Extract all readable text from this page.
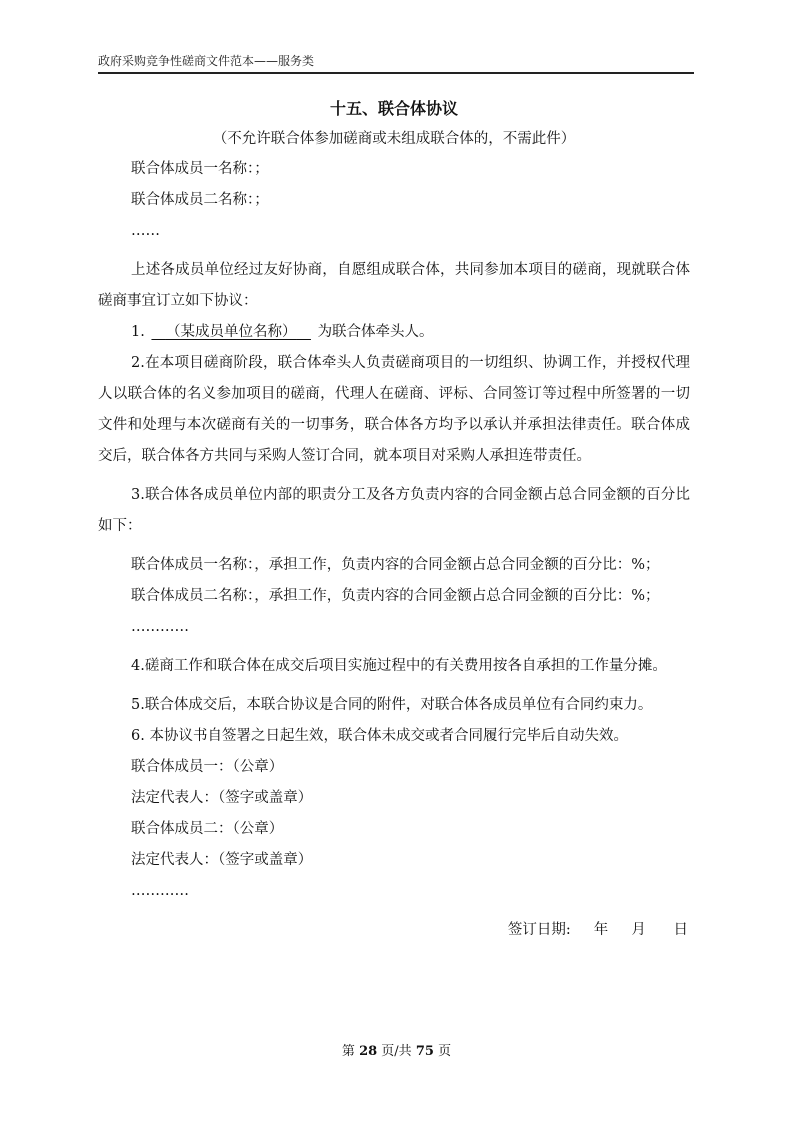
政府采购竞争性磋商文件范本——服务类
十五、联合体协议
（不允许联合体参加磋商或未组成联合体的，不需此件）
联合体成员一名称：；
联合体成员二名称：；
……
上述各成员单位经过友好协商，自愿组成联合体，共同参加本项目的磋商，现就联合体磋商事宜订立如下协议：
1.   （某成员单位名称）  为联合体牵头人。
2.在本项目磋商阶段，联合体牵头人负责磋商项目的一切组织、协调工作，并授权代理人以联合体的名义参加项目的磋商，代理人在磋商、评标、合同签订等过程中所签署的一切文件和处理与本次磋商有关的一切事务，联合体各方均予以承认并承担法律责任。联合体成交后，联合体各方共同与采购人签订合同，就本项目对采购人承担连带责任。
3.联合体各成员单位内部的职责分工及各方负责内容的合同金额占总合同金额的百分比如下：
联合体成员一名称：，承担工作，负责内容的合同金额占总合同金额的百分比：%；
联合体成员二名称：，承担工作，负责内容的合同金额占总合同金额的百分比：%；
…………
4.磋商工作和联合体在成交后项目实施过程中的有关费用按各自承担的工作量分摊。
5.联合体成交后，本联合协议是合同的附件，对联合体各成员单位有合同约束力。
6. 本协议书自签署之日起生效，联合体未成交或者合同履行完毕后自动失效。
联合体成员一：（公章）
法定代表人：（签字或盖章）
联合体成员二：（公章）
法定代表人：（签字或盖章）
…………
签订日期: 年 月 日
第 28 页/共 75 页
